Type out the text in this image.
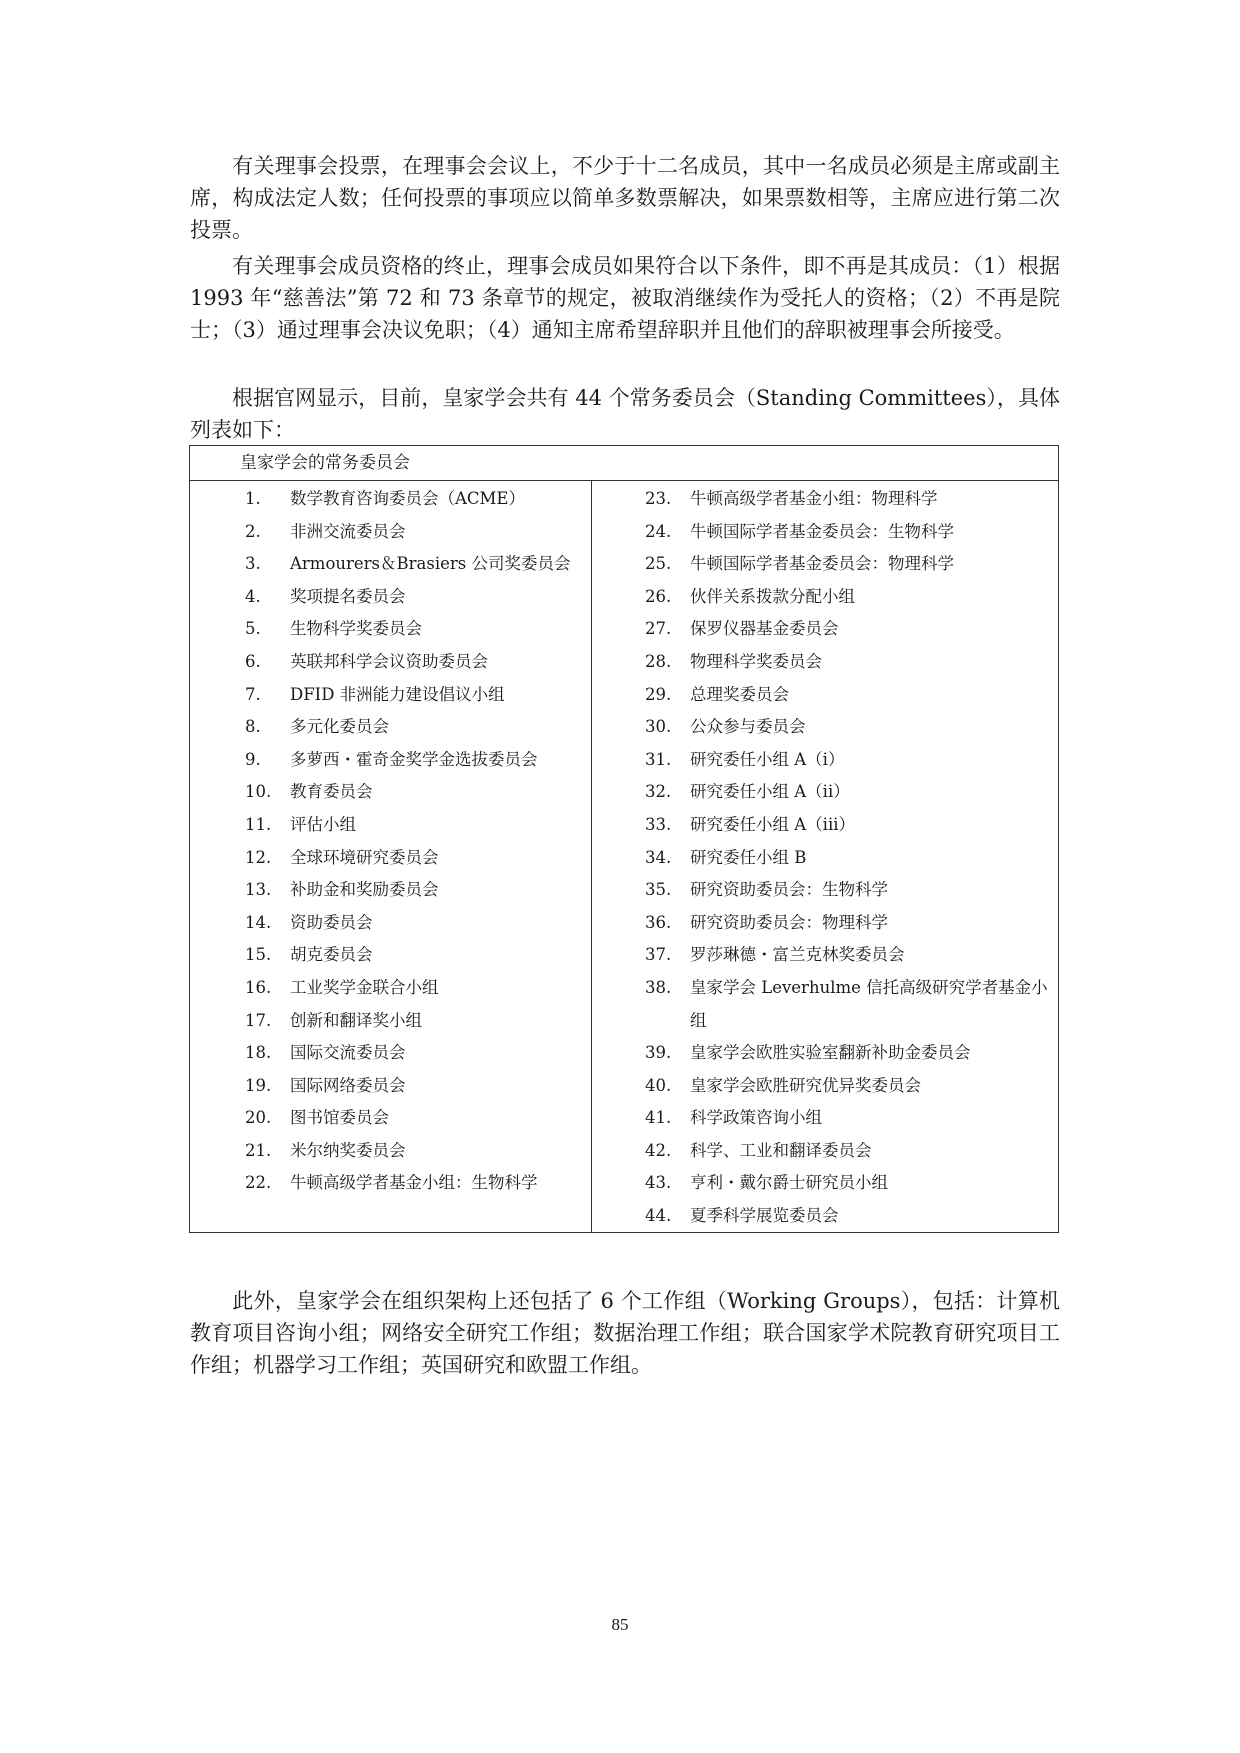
有关理事会投票，在理事会会议上，不少于十二名成员，其中一名成员必须是主席或副主席，构成法定人数；任何投票的事项应以简单多数票解决，如果票数相等，主席应进行第二次投票。

有关理事会成员资格的终止，理事会成员如果符合以下条件，即不再是其成员：（1）根据 1993 年“慈善法”第 72 和 73 条章节的规定，被取消继续作为受托人的资格；（2）不再是院士；（3）通过理事会决议免职；（4）通知主席希望辞职并且他们的辞职被理事会所接受。

根据官网显示，目前，皇家学会共有 44 个常务委员会（Standing Committees），具体列表如下：

皇家学会的常务委员会
1.	数学教育咨询委员会（ACME）
2.	非洲交流委员会
3.	Armourers＆Brasiers 公司奖委员会
4.	奖项提名委员会
5.	生物科学奖委员会
6.	英联邦科学会议资助委员会
7.	DFID 非洲能力建设倡议小组
8.	多元化委员会
9.	多萝西・霍奇金奖学金选拔委员会
10.	教育委员会
11.	评估小组
12.	全球环境研究委员会
13.	补助金和奖励委员会
14.	资助委员会
15.	胡克委员会
16.	工业奖学金联合小组
17.	创新和翻译奖小组
18.	国际交流委员会
19.	国际网络委员会
20.	图书馆委员会
21.	米尔纳奖委员会
22.	牛顿高级学者基金小组：生物科学
23.	牛顿高级学者基金小组：物理科学
24.	牛顿国际学者基金委员会：生物科学
25.	牛顿国际学者基金委员会：物理科学
26.	伙伴关系拨款分配小组
27.	保罗仪器基金委员会
28.	物理科学奖委员会
29.	总理奖委员会
30.	公众参与委员会
31.	研究委任小组 A（i）
32.	研究委任小组 A（ii）
33.	研究委任小组 A（iii）
34.	研究委任小组 B
35.	研究资助委员会：生物科学
36.	研究资助委员会：物理科学
37.	罗莎琳德・富兰克林奖委员会
38.	皇家学会 Leverhulme 信托高级研究学者基金小组
39.	皇家学会欧胜实验室翻新补助金委员会
40.	皇家学会欧胜研究优异奖委员会
41.	科学政策咨询小组
42.	科学、工业和翻译委员会
43.	亨利・戴尔爵士研究员小组
44.	夏季科学展览委员会

此外，皇家学会在组织架构上还包括了 6 个工作组（Working Groups），包括：计算机教育项目咨询小组；网络安全研究工作组；数据治理工作组；联合国家学术院教育研究项目工作组；机器学习工作组；英国研究和欧盟工作组。

85
